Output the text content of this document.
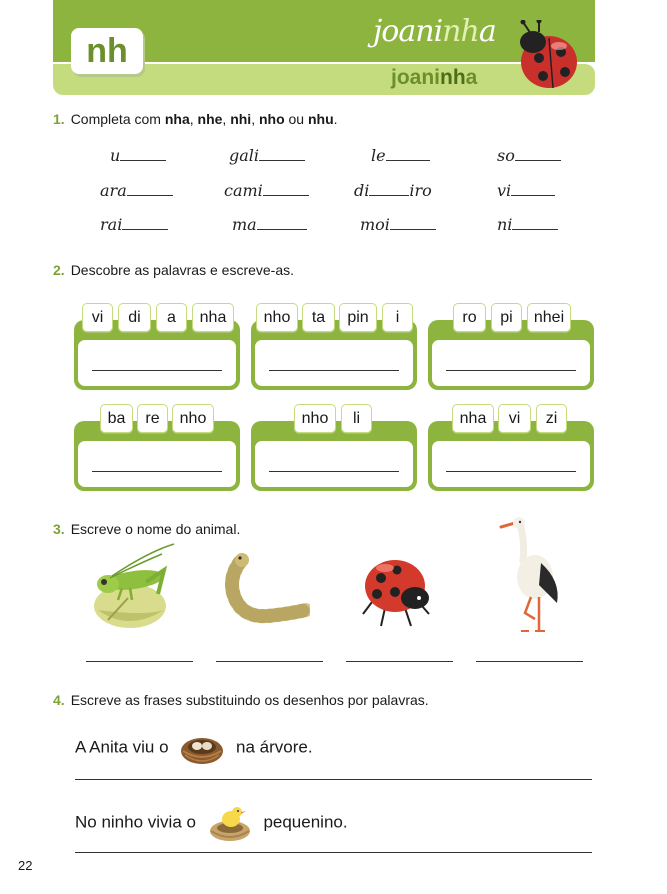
nh	joaninha
joaninha
1. Completa com nha, nhe, nhi, nho ou nhu.
u	gali	le	so
ara	cami	di	iro	vi
rai	ma	moi	ni
2. Descobre as palavras e escreve-as.
vi	di	a	nha	nho	ta	pin	i	ro	pi	nhei
ba	re	nho	nho	li	nha	vi	zi
3. Escreve o nome do animal.
4. Escreve as frases substituindo os desenhos por palavras.
A Anita viu o	na árvore.
No ninho vivia o	pequenino.
22
